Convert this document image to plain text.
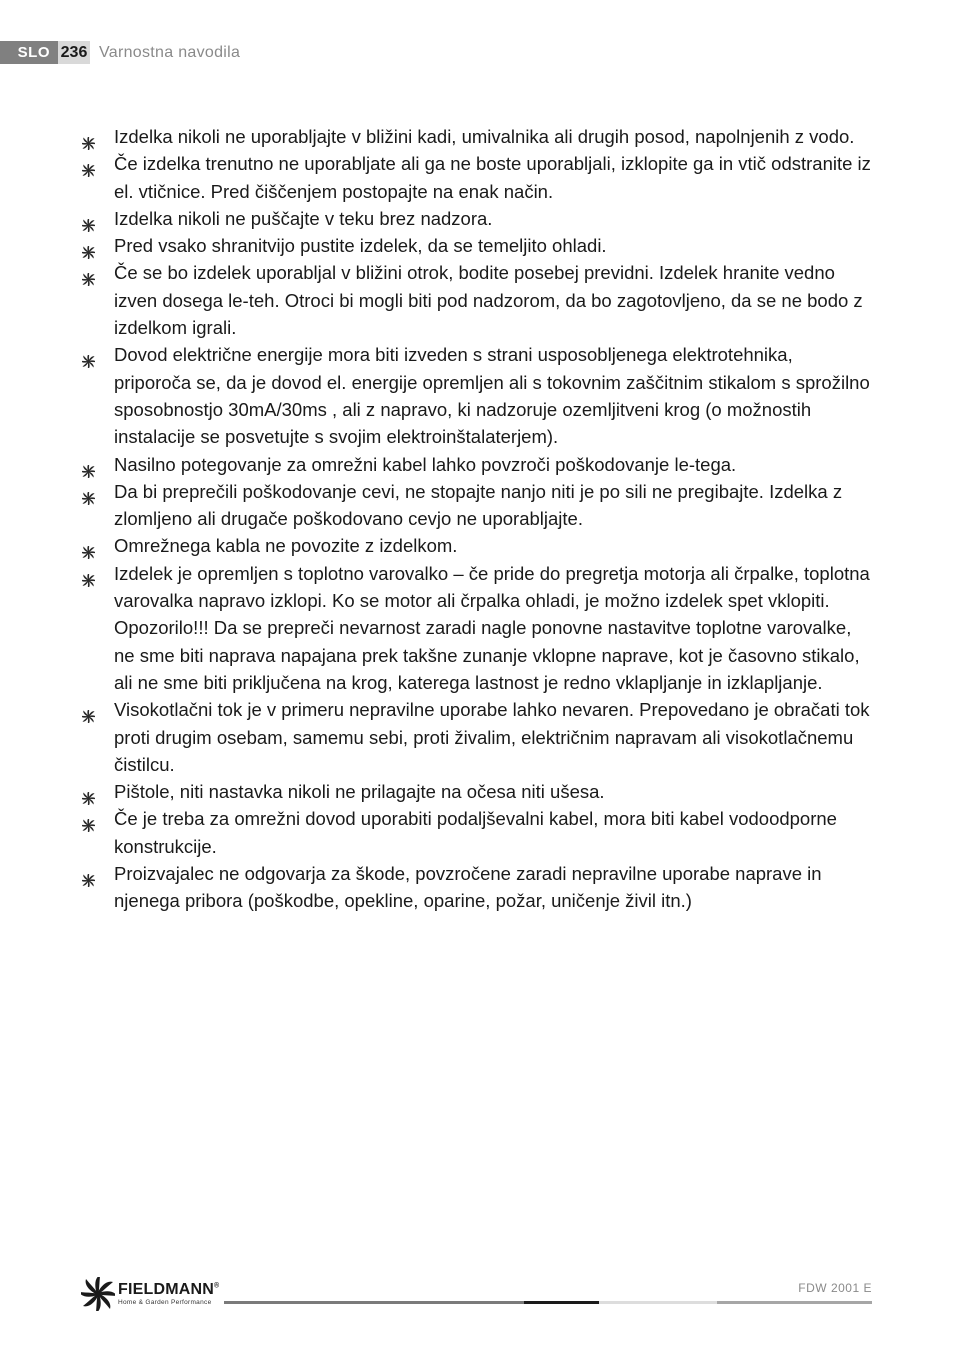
SLO 236 Varnostna navodila
Izdelka nikoli ne uporabljajte v bližini kadi, umivalnika ali drugih posod, napolnjenih z vodo.
Če izdelka trenutno ne uporabljate ali ga ne boste uporabljali, izklopite ga in vtič odstranite iz el. vtičnice. Pred čiščenjem postopajte na enak način.
Izdelka nikoli ne puščajte v teku brez nadzora.
Pred vsako shranitvijo pustite izdelek, da se temeljito ohladi.
Če se bo izdelek uporabljal v bližini otrok, bodite posebej previdni. Izdelek hranite vedno izven dosega le-teh. Otroci bi mogli biti pod nadzorom, da bo zagotovljeno, da se ne bodo z izdelkom igrali.
Dovod električne energije mora biti izveden s strani usposobljenega elektrotehnika, priporoča se, da je dovod el. energije opremljen ali s tokovnim zaščitnim stikalom s sprožilno sposobnostjo 30mA/30ms , ali z napravo, ki nadzoruje ozemljitveni krog (o možnostih instalacije se posvetujte s svojim elektroinštalaterjem).
Nasilno potegovanje za omrežni kabel lahko povzroči poškodovanje le-tega.
Da bi preprečili poškodovanje cevi, ne stopajte nanjo niti je po sili ne pregibajte. Izdelka z zlomljeno ali drugače poškodovano cevjo ne uporabljajte.
Omrežnega kabla ne povozite z izdelkom.
Izdelek je opremljen s toplotno varovalko – če pride do pregretja motorja ali črpalke, toplotna varovalka napravo izklopi. Ko se motor ali črpalka ohladi, je možno izdelek spet vklopiti. Opozorilo!!! Da se prepreči nevarnost zaradi nagle ponovne nastavitve toplotne varovalke, ne sme biti naprava napajana prek takšne zunanje vklopne naprave, kot je časovno stikalo, ali ne sme biti priključena na krog, katerega lastnost je redno vklapljanje in izklapljanje.
Visokotlačni tok je v primeru nepravilne uporabe lahko nevaren. Prepovedano je obračati tok proti drugim osebam, samemu sebi, proti živalim, električnim napravam ali visokotlačnemu čistilcu.
Pištole, niti nastavka nikoli ne prilagajte na očesa niti ušesa.
Če je treba za omrežni dovod uporabiti podaljševalni kabel, mora biti kabel vodoodporne konstrukcije.
Proizvajalec ne odgovarja za škode, povzročene zaradi nepravilne uporabe naprave in njenega pribora (poškodbe, opekline, oparine, požar, uničenje živil itn.)
FIELDMANN®
Home & Garden Performance
FDW 2001 E
